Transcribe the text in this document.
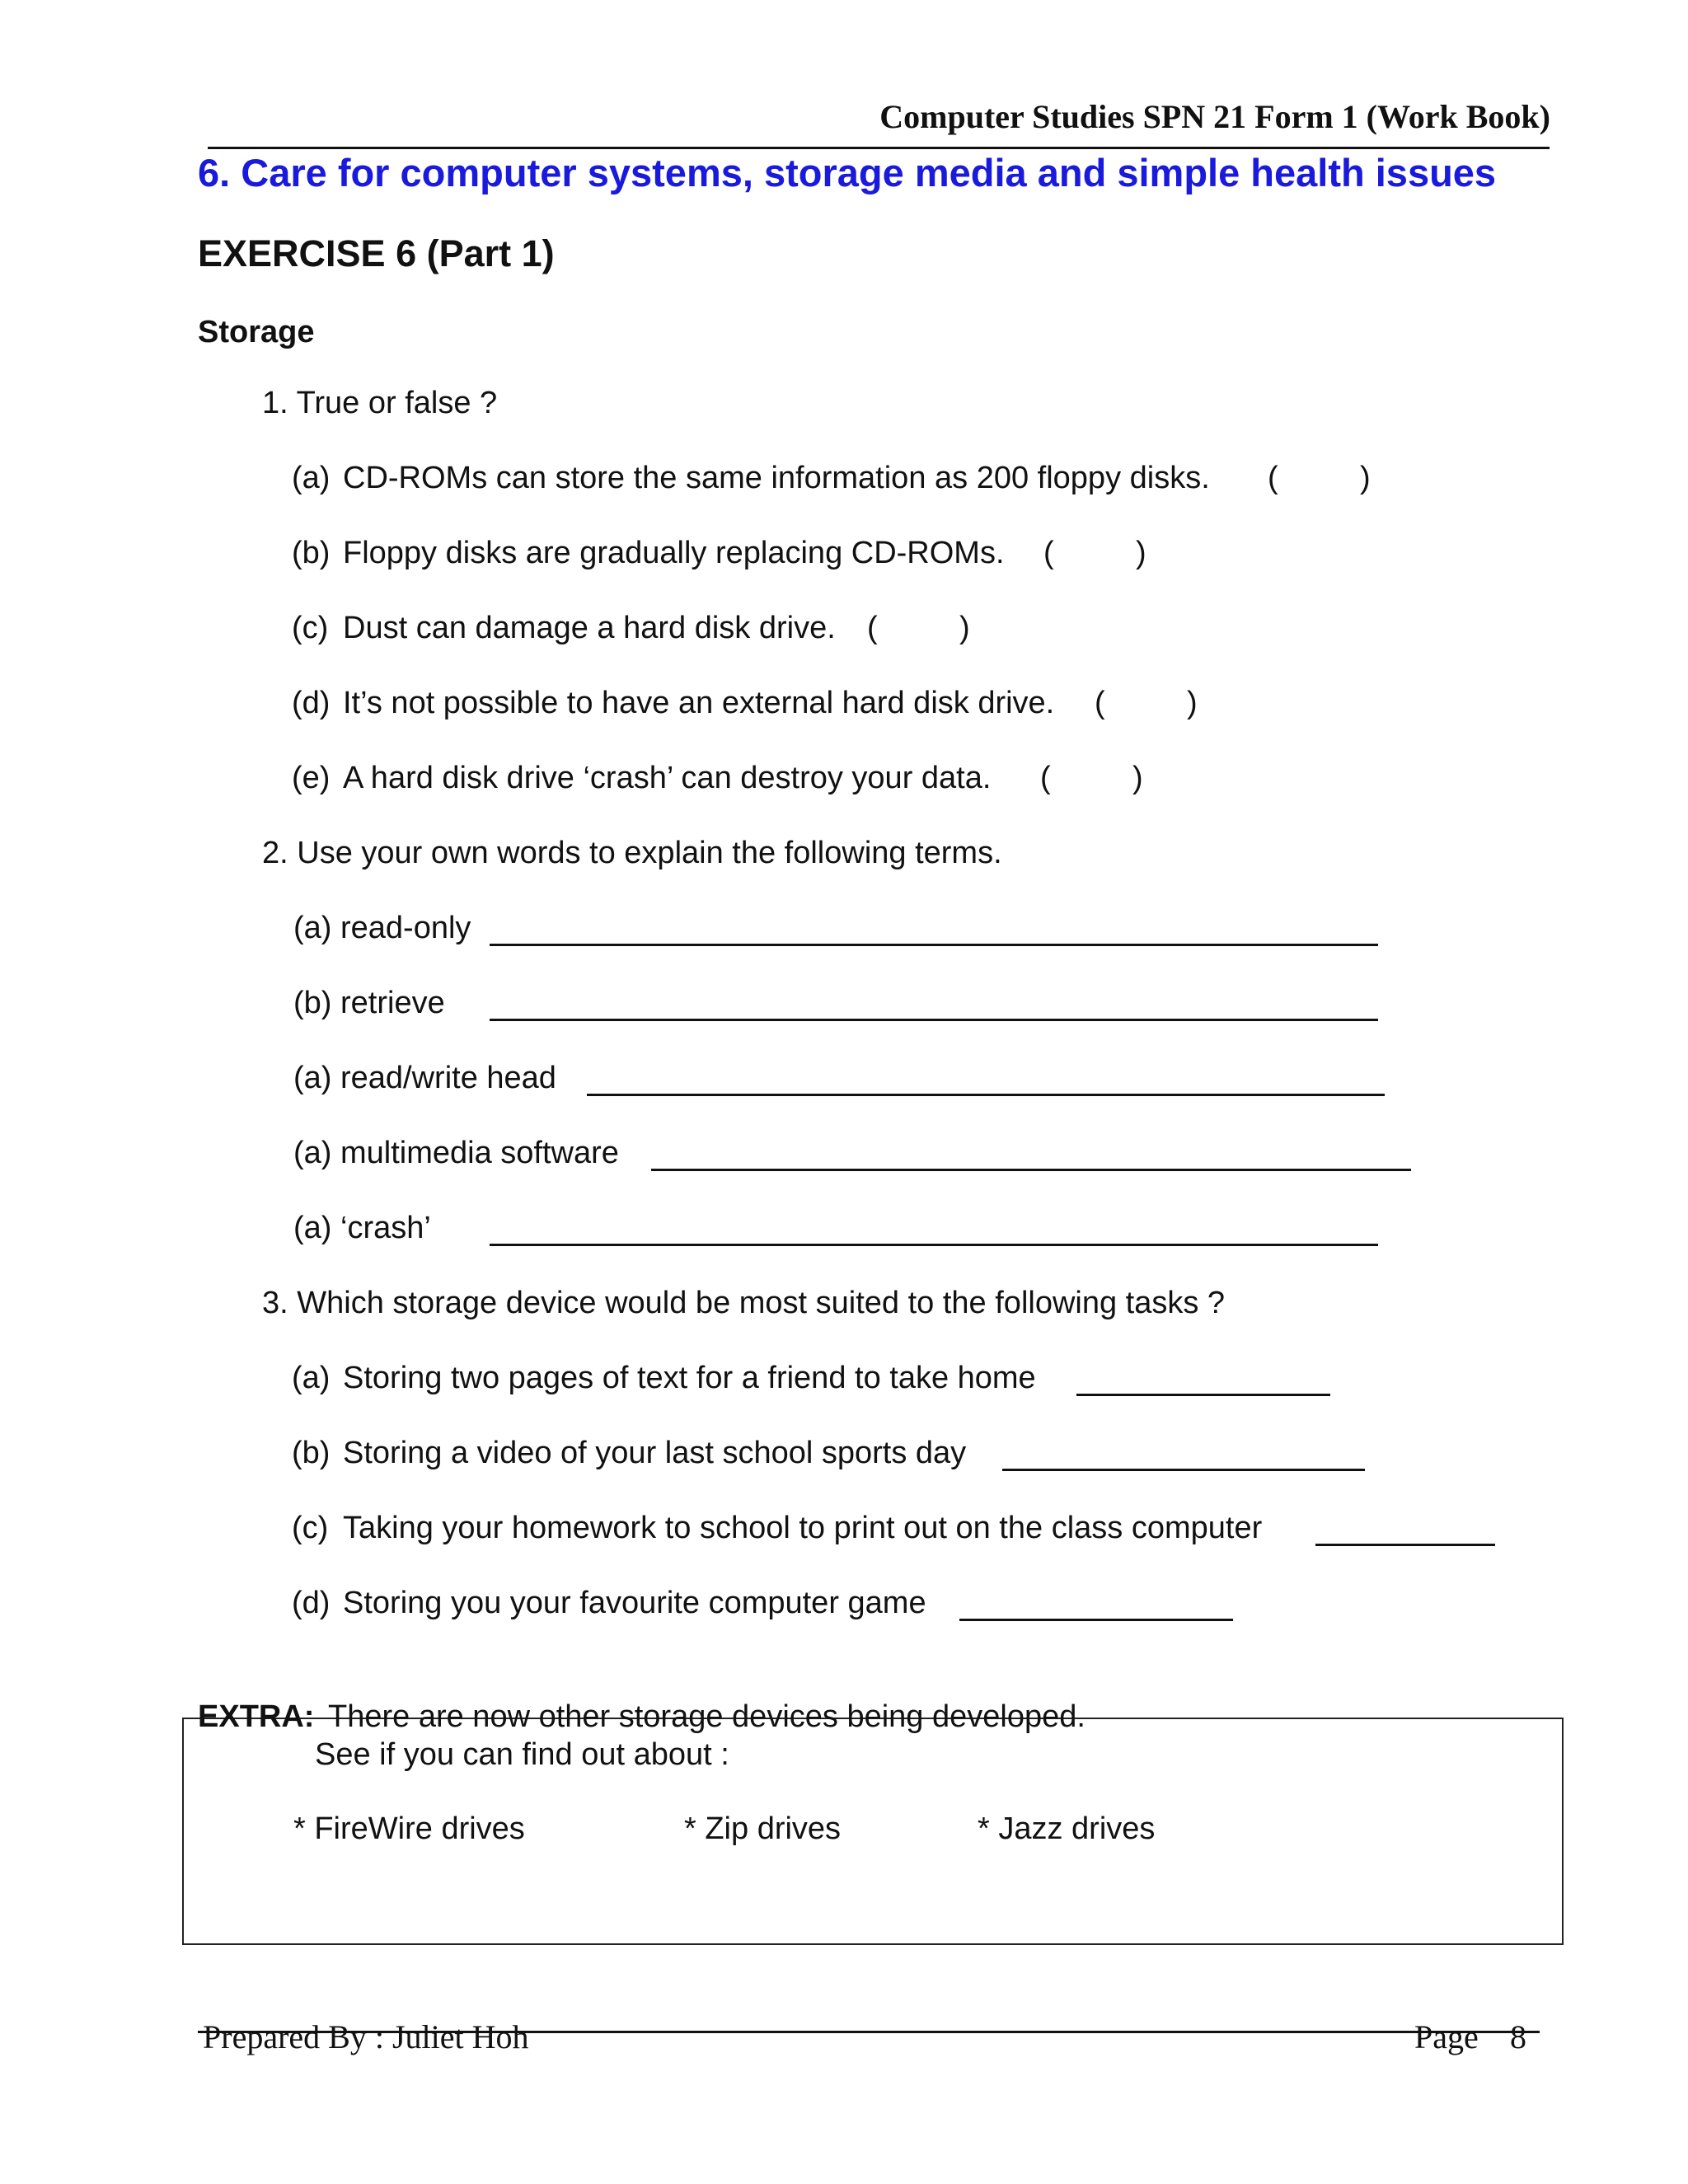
Computer Studies SPN 21 Form 1 (Work Book)
6. Care for computer systems, storage media and simple health issues
EXERCISE 6 (Part 1)
Storage
1. True or false ?
(a) CD-ROMs can store the same information as 200 floppy disks. (	)
(b) Floppy disks are gradually replacing CD-ROMs. (	)
(c) Dust can damage a hard disk drive. (	)
(d) It’s not possible to have an external hard disk drive. (	)
(e) A hard disk drive ‘crash’ can destroy your data. (	)
2. Use your own words to explain the following terms.
(a) read-only
(b) retrieve
(a) read/write head
(a) multimedia software
(a) ‘crash’
3. Which storage device would be most suited to the following tasks ?
(a) Storing two pages of text for a friend to take home
(b) Storing a video of your last school sports day
(c) Taking your homework to school to print out on the class computer
(d) Storing you your favourite computer game
EXTRA: There are now other storage devices being developed.
See if you can find out about :
* FireWire drives	* Zip drives	* Jazz drives
Prepared By : Juliet Hoh	Page 8
